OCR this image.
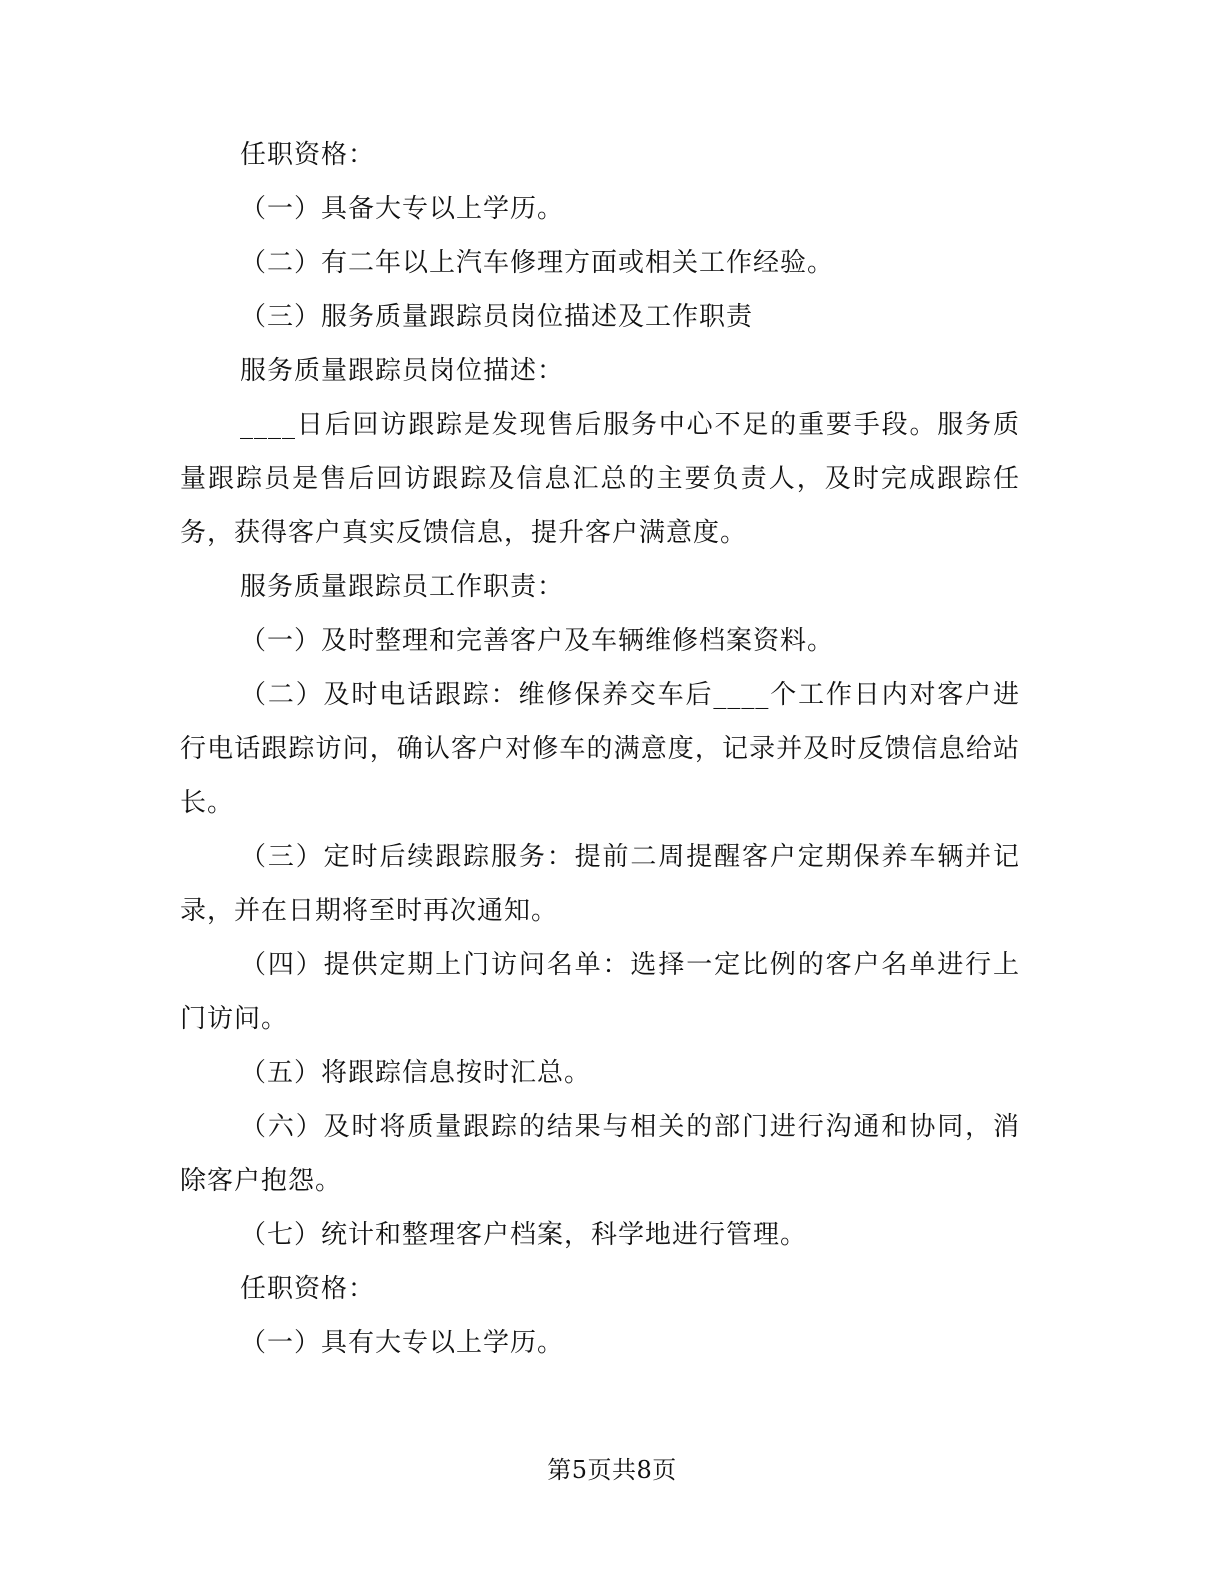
任职资格：

（一）具备大专以上学历。

（二）有二年以上汽车修理方面或相关工作经验。

（三）服务质量跟踪员岗位描述及工作职责

服务质量跟踪员岗位描述：

____日后回访跟踪是发现售后服务中心不足的重要手段。服务质量跟踪员是售后回访跟踪及信息汇总的主要负责人，及时完成跟踪任务，获得客户真实反馈信息，提升客户满意度。

服务质量跟踪员工作职责：

（一）及时整理和完善客户及车辆维修档案资料。

（二）及时电话跟踪：维修保养交车后____个工作日内对客户进行电话跟踪访问，确认客户对修车的满意度，记录并及时反馈信息给站长。

（三）定时后续跟踪服务：提前二周提醒客户定期保养车辆并记录，并在日期将至时再次通知。

（四）提供定期上门访问名单：选择一定比例的客户名单进行上门访问。

（五）将跟踪信息按时汇总。

（六）及时将质量跟踪的结果与相关的部门进行沟通和协同，消除客户抱怨。

（七）统计和整理客户档案，科学地进行管理。

任职资格：

（一）具有大专以上学历。

第5页共8页
